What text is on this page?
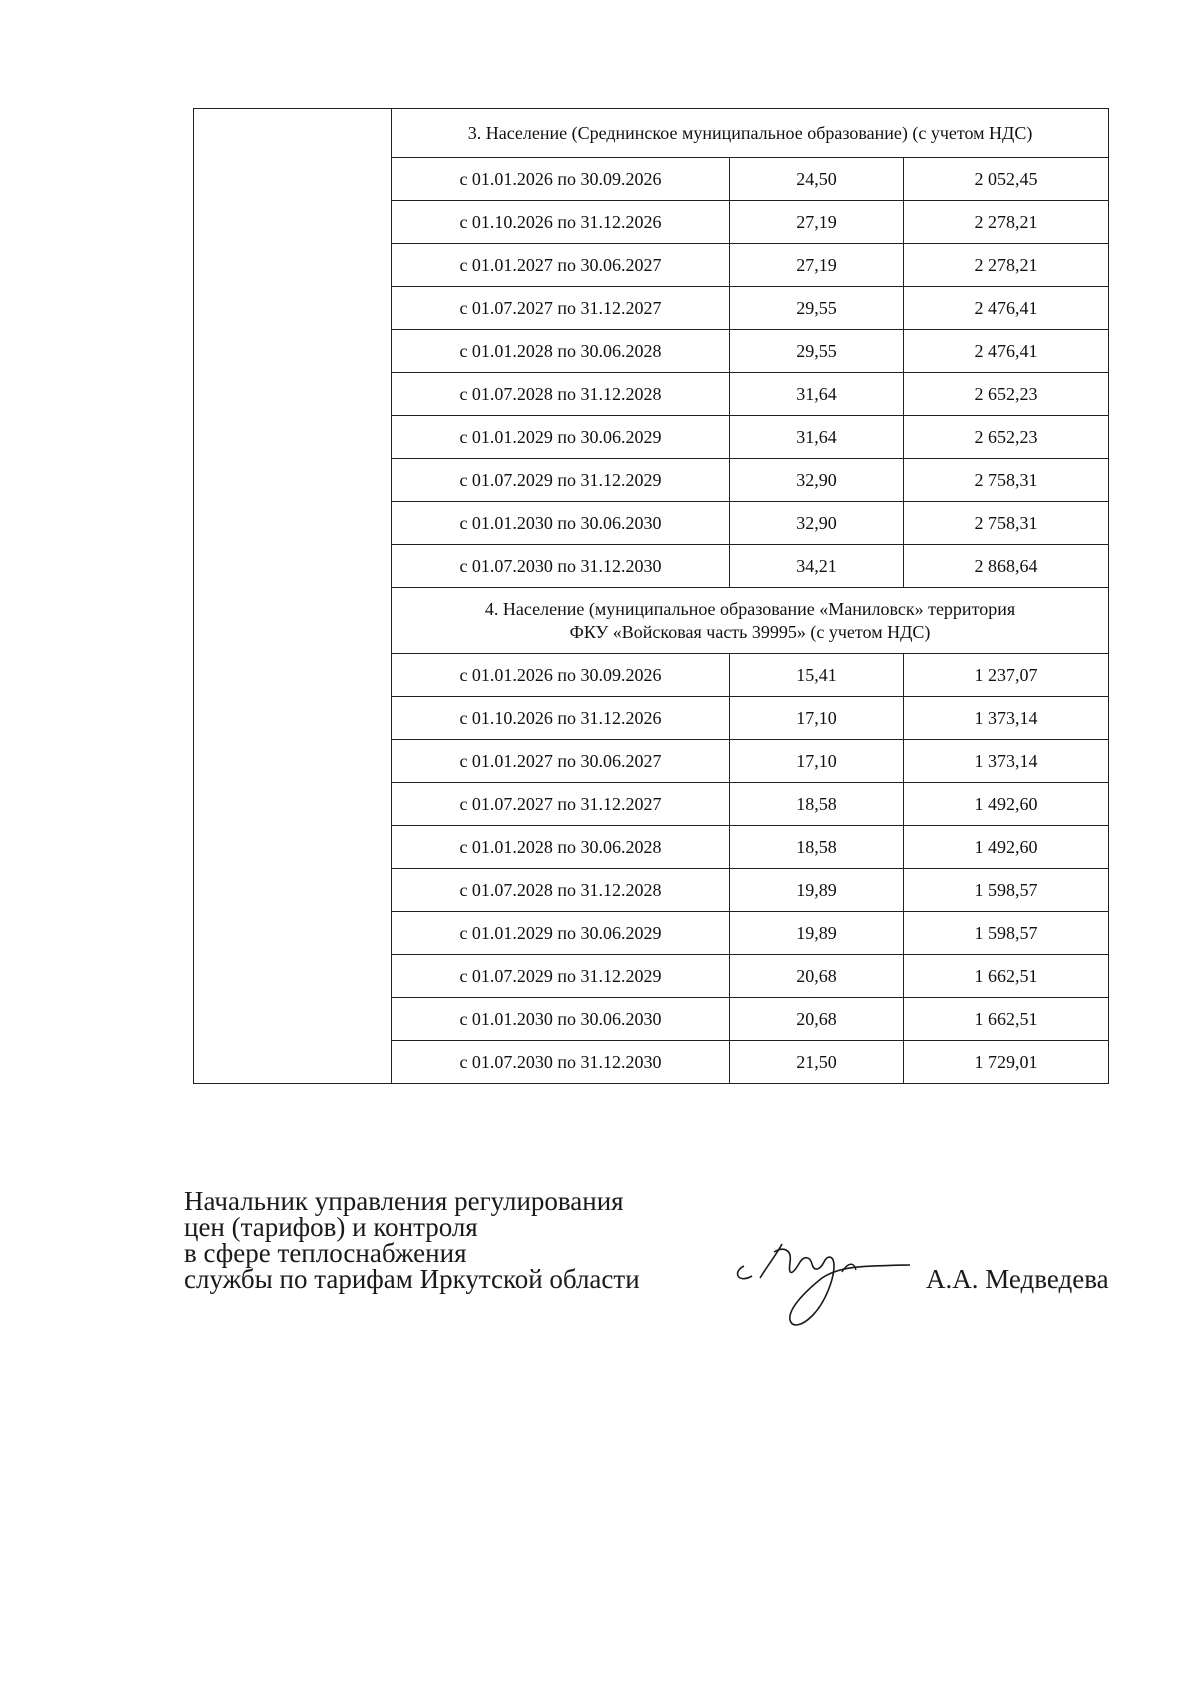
	3. Население (Среднинское муниципальное образование) (с учетом НДС)		
	с 01.01.2026 по 30.09.2026	24,50	2 052,45
	с 01.10.2026 по 31.12.2026	27,19	2 278,21
	с 01.01.2027 по 30.06.2027	27,19	2 278,21
	с 01.07.2027 по 31.12.2027	29,55	2 476,41
	с 01.01.2028 по 30.06.2028	29,55	2 476,41
	с 01.07.2028 по 31.12.2028	31,64	2 652,23
	с 01.01.2029 по 30.06.2029	31,64	2 652,23
	с 01.07.2029 по 31.12.2029	32,90	2 758,31
	с 01.01.2030 по 30.06.2030	32,90	2 758,31
	с 01.07.2030 по 31.12.2030	34,21	2 868,64

	4. Население (муниципальное образование «Маниловск» территория
ФКУ «Войсковая часть 39995» (с учетом НДС)		

	с 01.01.2026 по 30.09.2026	15,41	1 237,07
	с 01.10.2026 по 31.12.2026	17,10	1 373,14
	с 01.01.2027 по 30.06.2027	17,10	1 373,14
	с 01.07.2027 по 31.12.2027	18,58	1 492,60
	с 01.01.2028 по 30.06.2028	18,58	1 492,60
	с 01.07.2028 по 31.12.2028	19,89	1 598,57
	с 01.01.2029 по 30.06.2029	19,89	1 598,57
	с 01.07.2029 по 31.12.2029	20,68	1 662,51
	с 01.01.2030 по 30.06.2030	20,68	1 662,51
	с 01.07.2030 по 31.12.2030	21,50	1 729,01
Начальник управления регулирования
цен (тарифов) и контроля
в сфере теплоснабжения
службы по тарифам Иркутской области	А.А. Медведева
